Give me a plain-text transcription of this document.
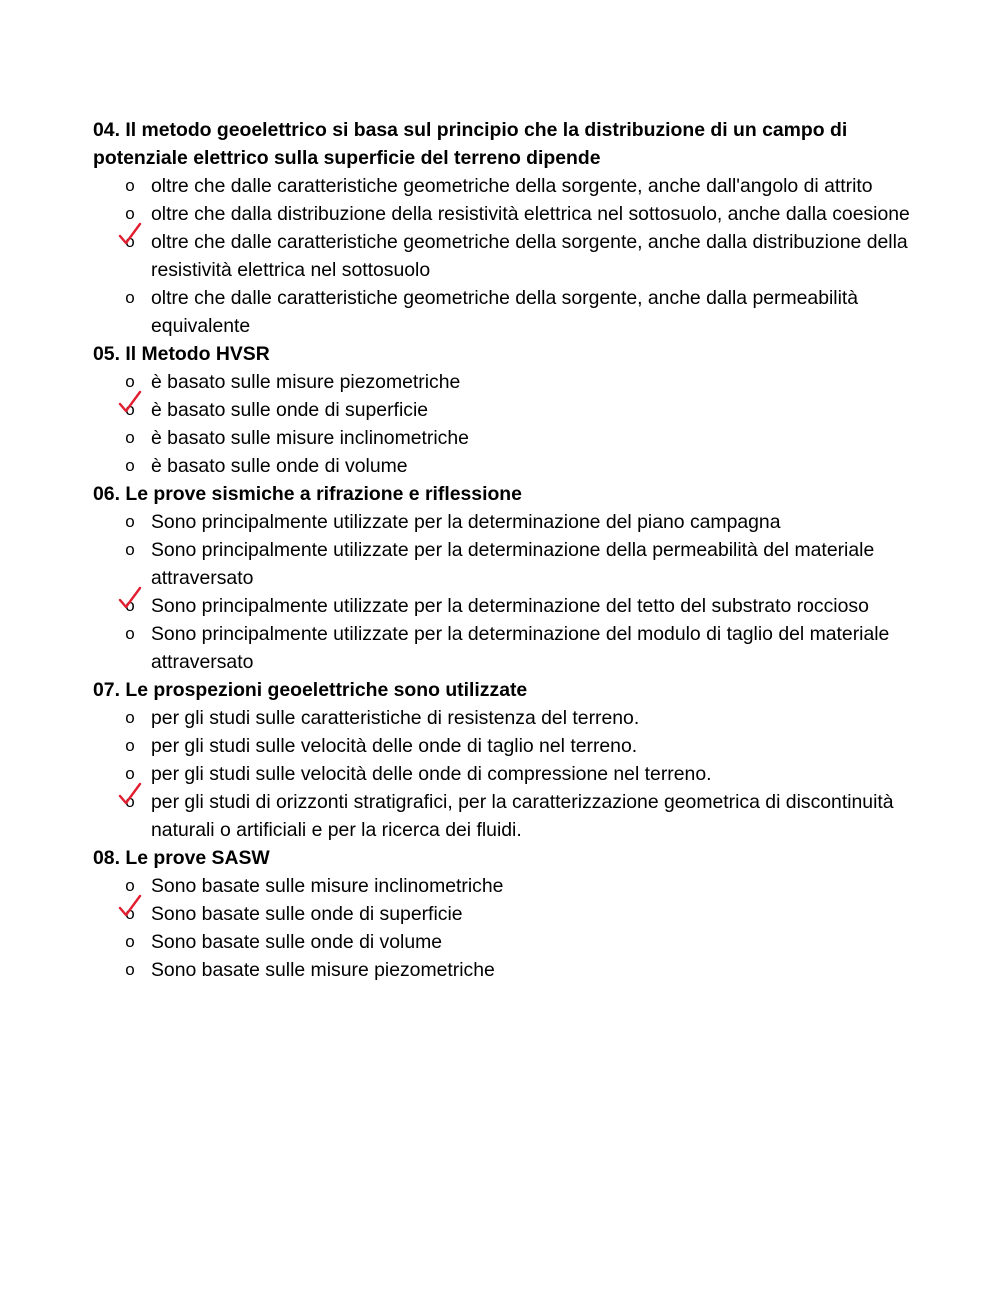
04. Il metodo geoelettrico si basa sul principio che la distribuzione di un campo di potenziale elettrico sulla superficie del terreno dipende

o oltre che dalle caratteristiche geometriche della sorgente, anche dall'angolo di attrito
o oltre che dalla distribuzione della resistività elettrica nel sottosuolo, anche dalla coesione
o oltre che dalle caratteristiche geometriche della sorgente, anche dalla distribuzione della resistività elettrica nel sottosuolo
o oltre che dalle caratteristiche geometriche della sorgente, anche dalla permeabilità equivalente

05. Il Metodo HVSR

o è basato sulle misure piezometriche
o è basato sulle onde di superficie
o è basato sulle misure inclinometriche
o è basato sulle onde di volume

06. Le prove sismiche a rifrazione e riflessione

o Sono principalmente utilizzate per la determinazione del piano campagna
o Sono principalmente utilizzate per la determinazione della permeabilità del materiale attraversato
o Sono principalmente utilizzate per la determinazione del tetto del substrato roccioso
o Sono principalmente utilizzate per la determinazione del modulo di taglio del materiale attraversato

07. Le prospezioni geoelettriche sono utilizzate

o per gli studi sulle caratteristiche di resistenza del terreno.
o per gli studi sulle velocità delle onde di taglio nel terreno.
o per gli studi sulle velocità delle onde di compressione nel terreno.
o per gli studi di orizzonti stratigrafici, per la caratterizzazione geometrica di discontinuità naturali o artificiali e per la ricerca dei fluidi.

08. Le prove SASW

o Sono basate sulle misure inclinometriche
o Sono basate sulle onde di superficie
o Sono basate sulle onde di volume
o Sono basate sulle misure piezometriche
